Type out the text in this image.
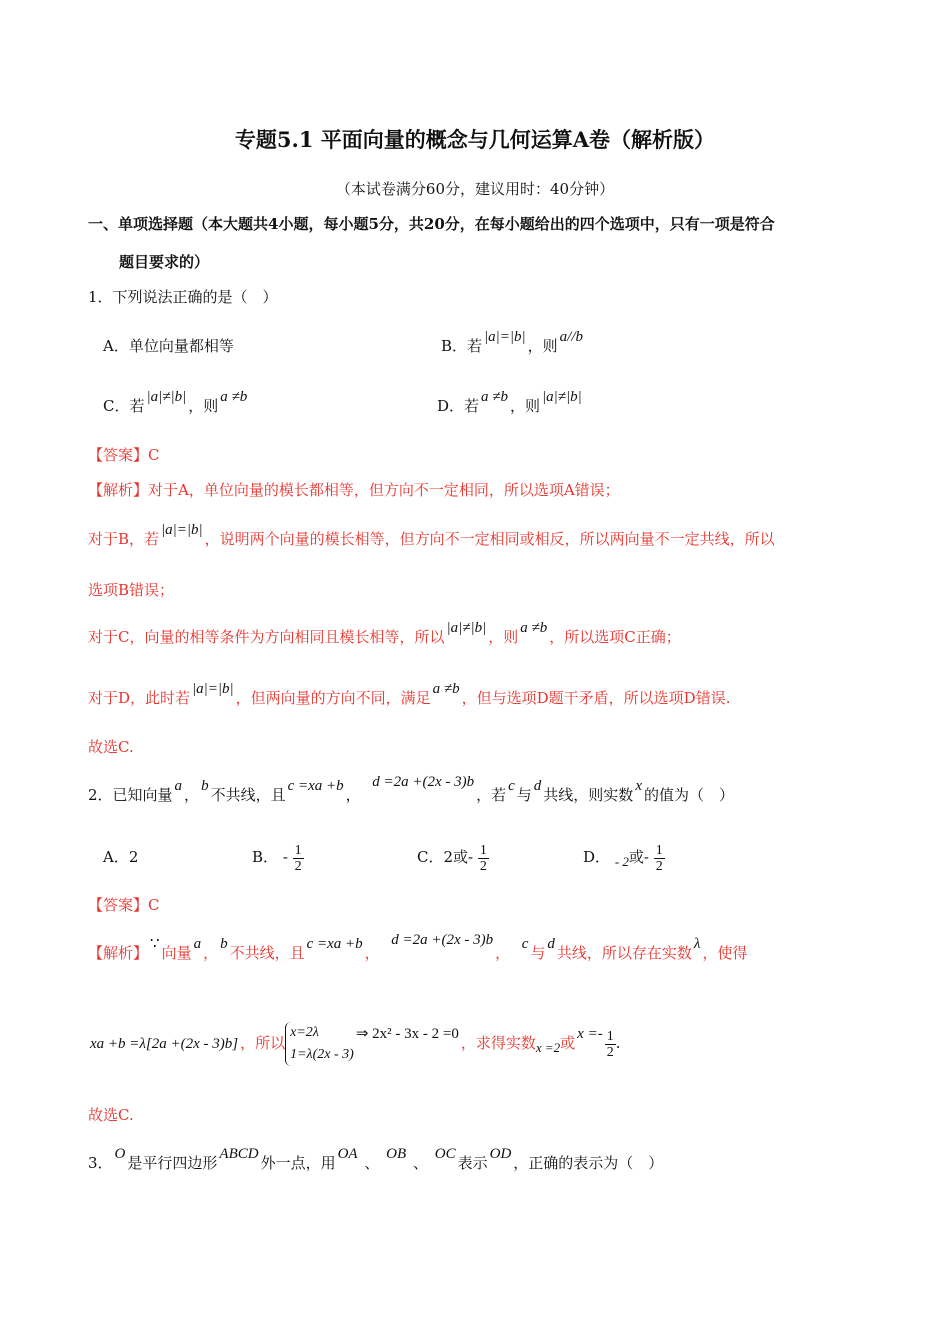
专题5.1 平面向量的概念与几何运算A卷（解析版）
（本试卷满分60分，建议用时：40分钟）
一、单项选择题（本大题共4小题，每小题5分，共20分，在每小题给出的四个选项中，只有一项是符合
题目要求的）
1．下列说法正确的是（　）
A．单位向量都相等	B．若 |a|=|b| ，则 a//b
C．若 |a|≠|b| ，则 a ≠b	D．若 a ≠b ，则 |a|≠|b|
【答案】C
【解析】对于A，单位向量的模长都相等，但方向不一定相同，所以选项A错误；
对于B，若 |a|=|b| ，说明两个向量的模长相等，但方向不一定相同或相反，所以两向量不一定共线，所以
选项B错误；
对于C，向量的相等条件为方向相同且模长相等，所以 |a|≠|b| ，则 a ≠b ，所以选项C正确；
对于D，此时若 |a|=|b| ，但两向量的方向不同，满足 a ≠b ，但与选项D题干矛盾，所以选项D错误.
故选C.
2．已知向量 a ， b 不共线，且 c =xa +b ，  d =2a +(2x - 3)b，若 c 与 d 共线，则实数 x 的值为（　）
A．2	B． - $\frac{1}{2}$	C．2或- $\frac{1}{2}$	D． - 2或- $\frac{1}{2}$
【答案】C
【解析】 ∵ 向量 a ， b 不共线，且 c =xa +b ，  d =2a +(2x - 3)b， c 与 d 共线，所以存在实数 λ ，使得
xa +b =λ[2a +(2x - 3)b] ，所以
x=2λ
1=λ(2x - 3)
⇒ 2x² - 3x - 2 =0 ，求得实数x =2或 $x =- \frac{1}{2}$ .
故选C.
3． O 是平行四边形 ABCD 外一点，用 OA 、 OB 、 OC 表示 OD ，正确的表示为（　）
